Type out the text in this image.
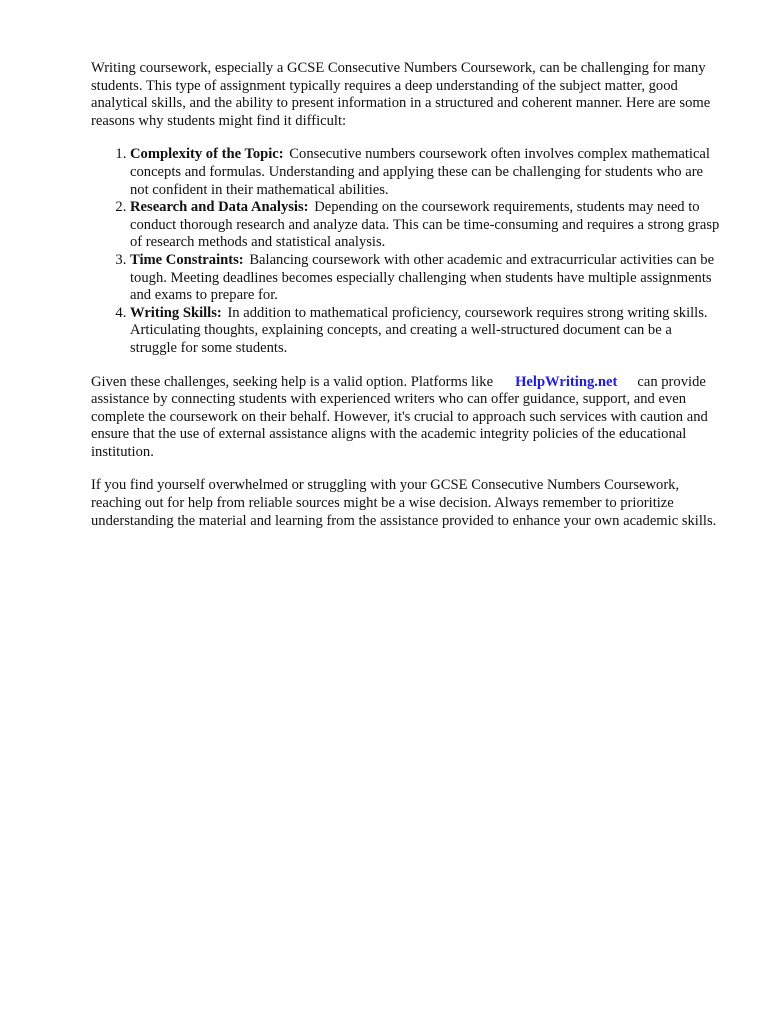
Writing coursework, especially a GCSE Consecutive Numbers Coursework, can be challenging for many students. This type of assignment typically requires a deep understanding of the subject matter, good analytical skills, and the ability to present information in a structured and coherent manner. Here are some reasons why students might find it difficult:

1. Complexity of the Topic: Consecutive numbers coursework often involves complex mathematical concepts and formulas. Understanding and applying these can be challenging for students who are not confident in their mathematical abilities.
2. Research and Data Analysis: Depending on the coursework requirements, students may need to conduct thorough research and analyze data. This can be time-consuming and requires a strong grasp of research methods and statistical analysis.
3. Time Constraints: Balancing coursework with other academic and extracurricular activities can be tough. Meeting deadlines becomes especially challenging when students have multiple assignments and exams to prepare for.
4. Writing Skills: In addition to mathematical proficiency, coursework requires strong writing skills. Articulating thoughts, explaining concepts, and creating a well-structured document can be a struggle for some students.

Given these challenges, seeking help is a valid option. Platforms like HelpWriting.net can provide assistance by connecting students with experienced writers who can offer guidance, support, and even complete the coursework on their behalf. However, it's crucial to approach such services with caution and ensure that the use of external assistance aligns with the academic integrity policies of the educational institution.

If you find yourself overwhelmed or struggling with your GCSE Consecutive Numbers Coursework, reaching out for help from reliable sources might be a wise decision. Always remember to prioritize understanding the material and learning from the assistance provided to enhance your own academic skills.
